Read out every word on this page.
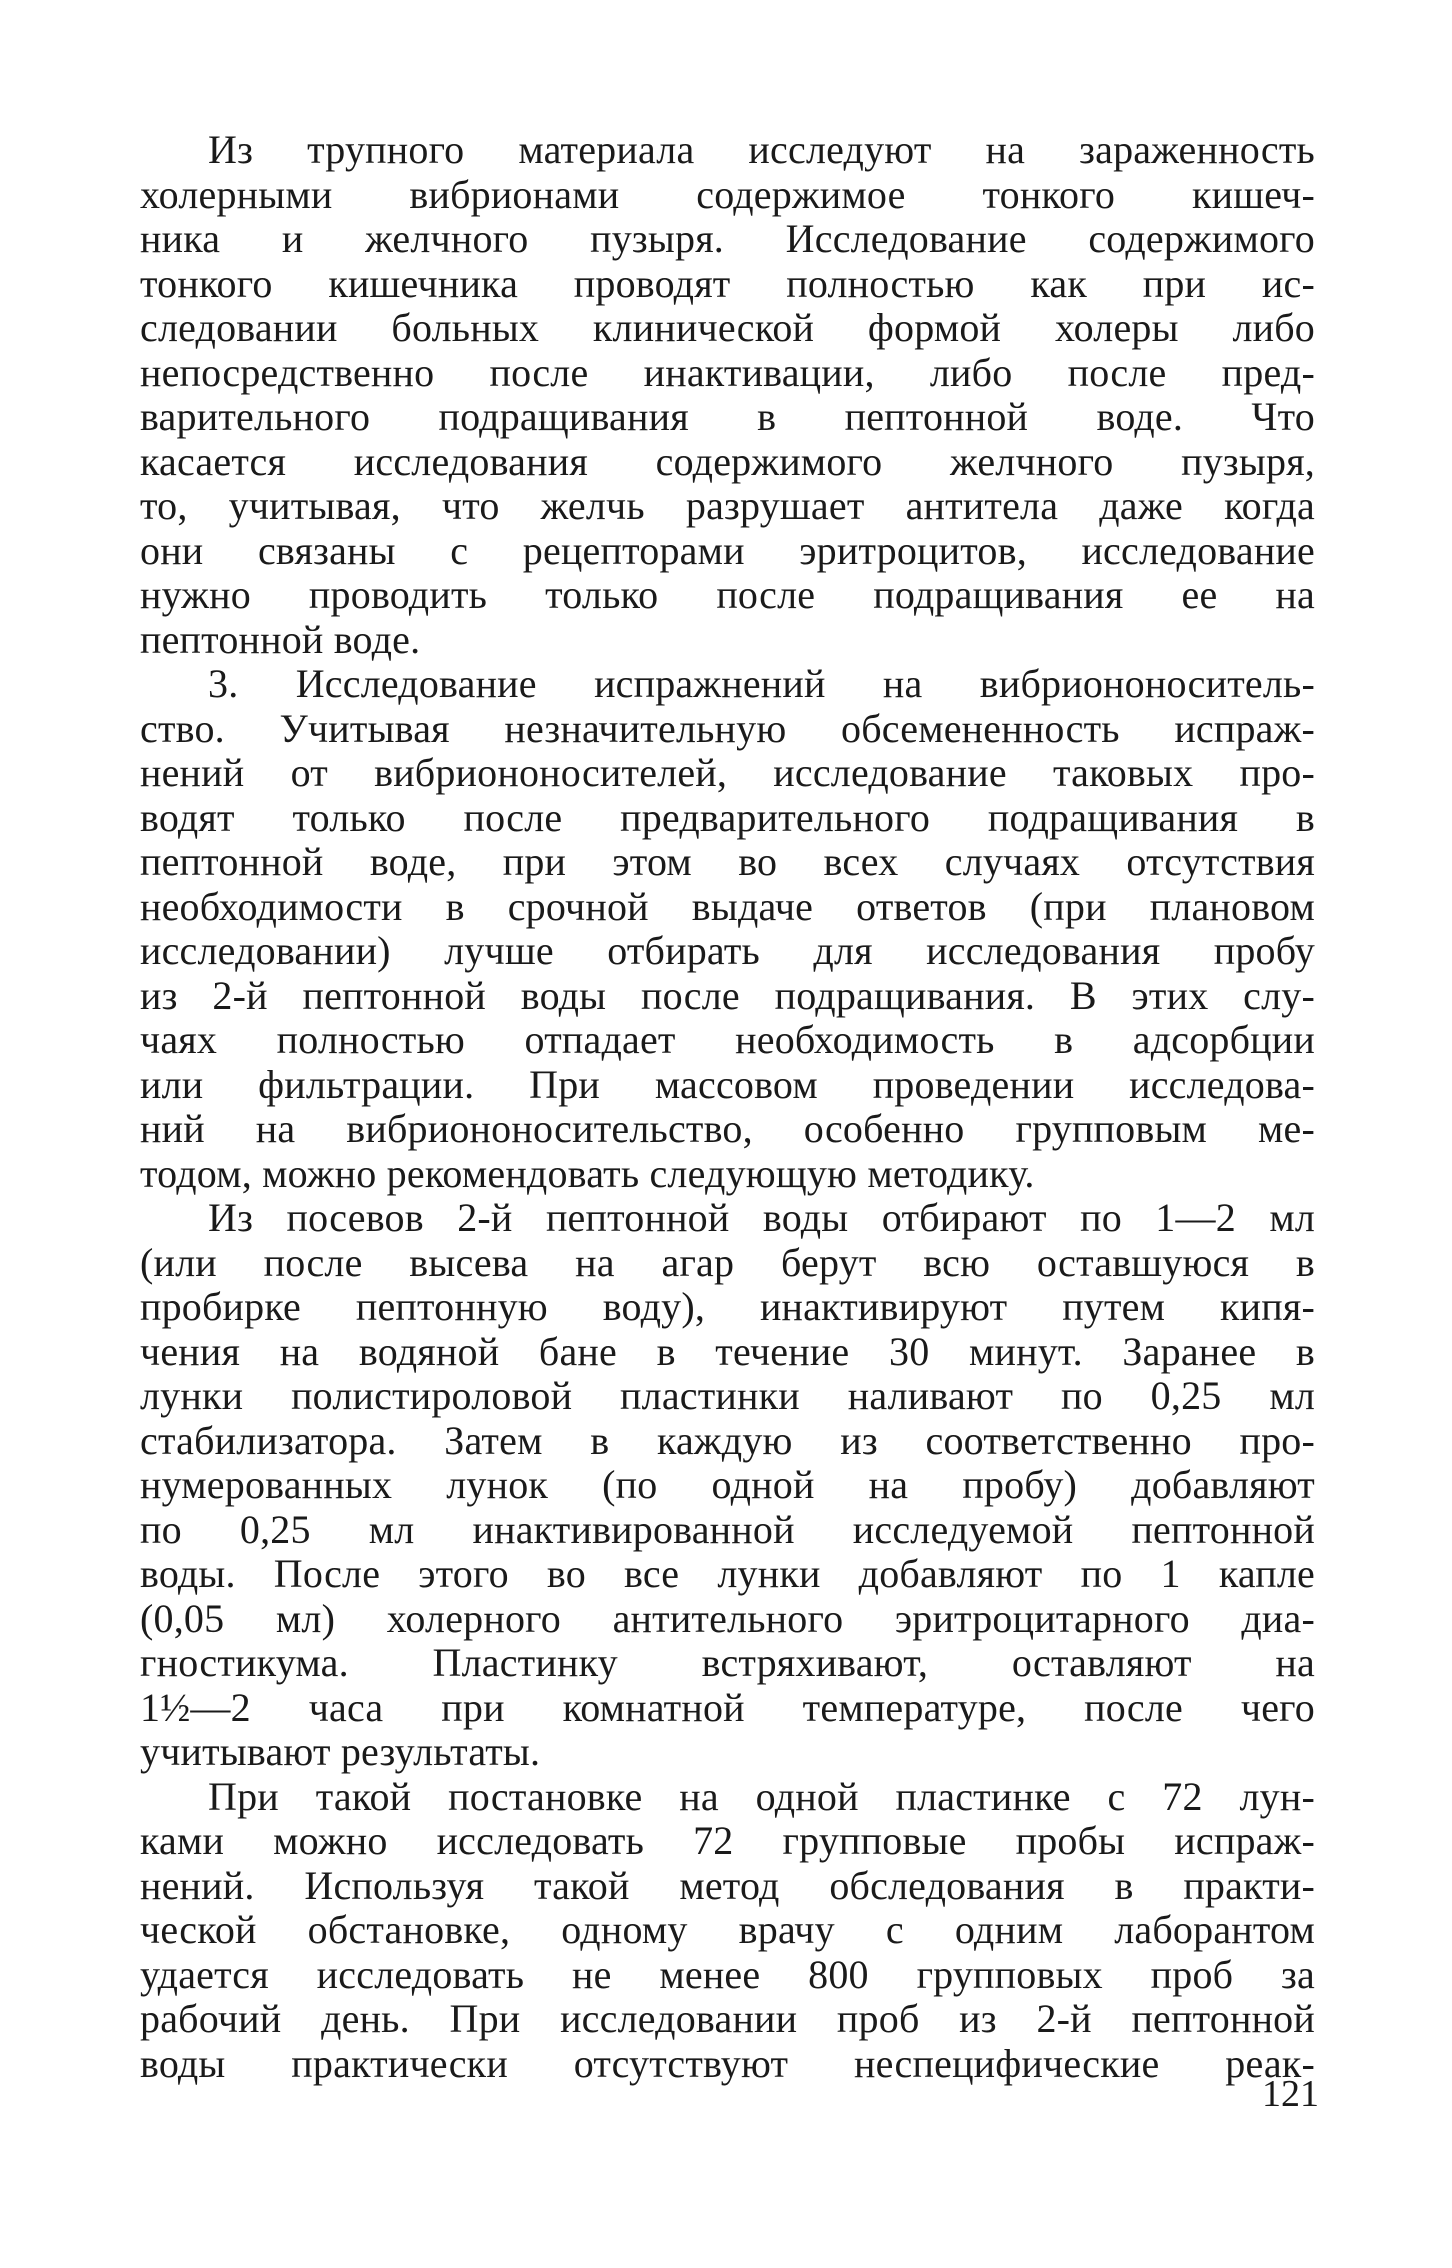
Из трупного материала исследуют на зараженность
холерными вибрионами содержимое тонкого кишеч-
ника и желчного пузыря. Исследование содержимого
тонкого кишечника проводят полностью как при ис-
следовании больных клинической формой холеры либо
непосредственно после инактивации, либо после пред-
варительного подращивания в пептонной воде. Что
касается исследования содержимого желчного пузыря,
то, учитывая, что желчь разрушает антитела даже когда
они связаны с рецепторами эритроцитов, исследование
нужно проводить только после подращивания ее на
пептонной воде.
3. Исследование испражнений на вибриононоситель-
ство. Учитывая незначительную обсемененность испраж-
нений от вибриононосителей, исследование таковых про-
водят только после предварительного подращивания в
пептонной воде, при этом во всех случаях отсутствия
необходимости в срочной выдаче ответов (при плановом
исследовании) лучше отбирать для исследования пробу
из 2-й пептонной воды после подращивания. В этих слу-
чаях полностью отпадает необходимость в адсорбции
или фильтрации. При массовом проведении исследова-
ний на вибриононосительство, особенно групповым ме-
тодом, можно рекомендовать следующую методику.
Из посевов 2-й пептонной воды отбирают по 1—2 мл
(или после высева на агар берут всю оставшуюся в
пробирке пептонную воду), инактивируют путем кипя-
чения на водяной бане в течение 30 минут. Заранее в
лунки полистироловой пластинки наливают по 0,25 мл
стабилизатора. Затем в каждую из соответственно про-
нумерованных лунок (по одной на пробу) добавляют
по 0,25 мл инактивированной исследуемой пептонной
воды. После этого во все лунки добавляют по 1 капле
(0,05 мл) холерного антительного эритроцитарного диа-
гностикума. Пластинку встряхивают, оставляют на
1½—2 часа при комнатной температуре, после чего
учитывают результаты.
При такой постановке на одной пластинке с 72 лун-
ками можно исследовать 72 групповые пробы испраж-
нений. Используя такой метод обследования в практи-
ческой обстановке, одному врачу с одним лаборантом
удается исследовать не менее 800 групповых проб за
рабочий день. При исследовании проб из 2-й пептонной
воды практически отсутствуют неспецифические реак-
121
